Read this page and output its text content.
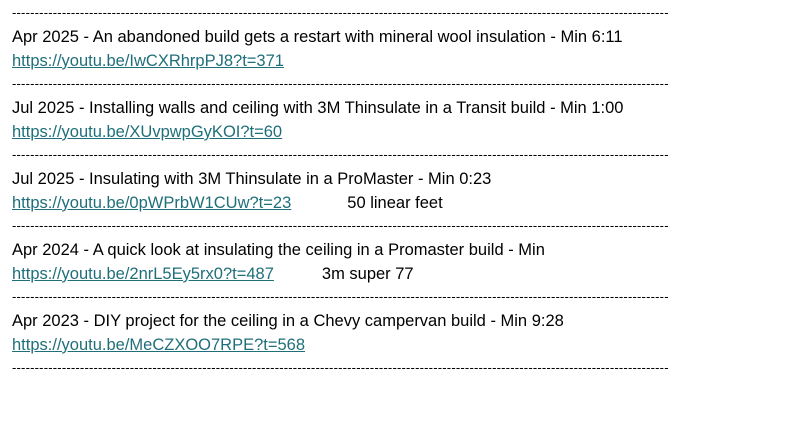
-------------------------------------------------------------------------------------------------------------------------------------------------
Apr 2025 - An abandoned build gets a restart with mineral wool insulation - Min 6:11
https://youtu.be/IwCXRhrpPJ8?t=371
-------------------------------------------------------------------------------------------------------------------------------------------------
Jul 2025 - Installing walls and ceiling with 3M Thinsulate in a Transit build - Min 1:00
https://youtu.be/XUvpwpGyKOI?t=60
-------------------------------------------------------------------------------------------------------------------------------------------------
Jul 2025 - Insulating with 3M Thinsulate in a ProMaster - Min 0:23
https://youtu.be/0pWPrbW1CUw?t=23	50 linear feet
-------------------------------------------------------------------------------------------------------------------------------------------------
Apr 2024 - A quick look at insulating the ceiling in a Promaster build - Min
https://youtu.be/2nrL5Ey5rx0?t=487	3m super 77
-------------------------------------------------------------------------------------------------------------------------------------------------
Apr 2023 - DIY project for the ceiling in a Chevy campervan build - Min 9:28
https://youtu.be/MeCZXOO7RPE?t=568
-------------------------------------------------------------------------------------------------------------------------------------------------
